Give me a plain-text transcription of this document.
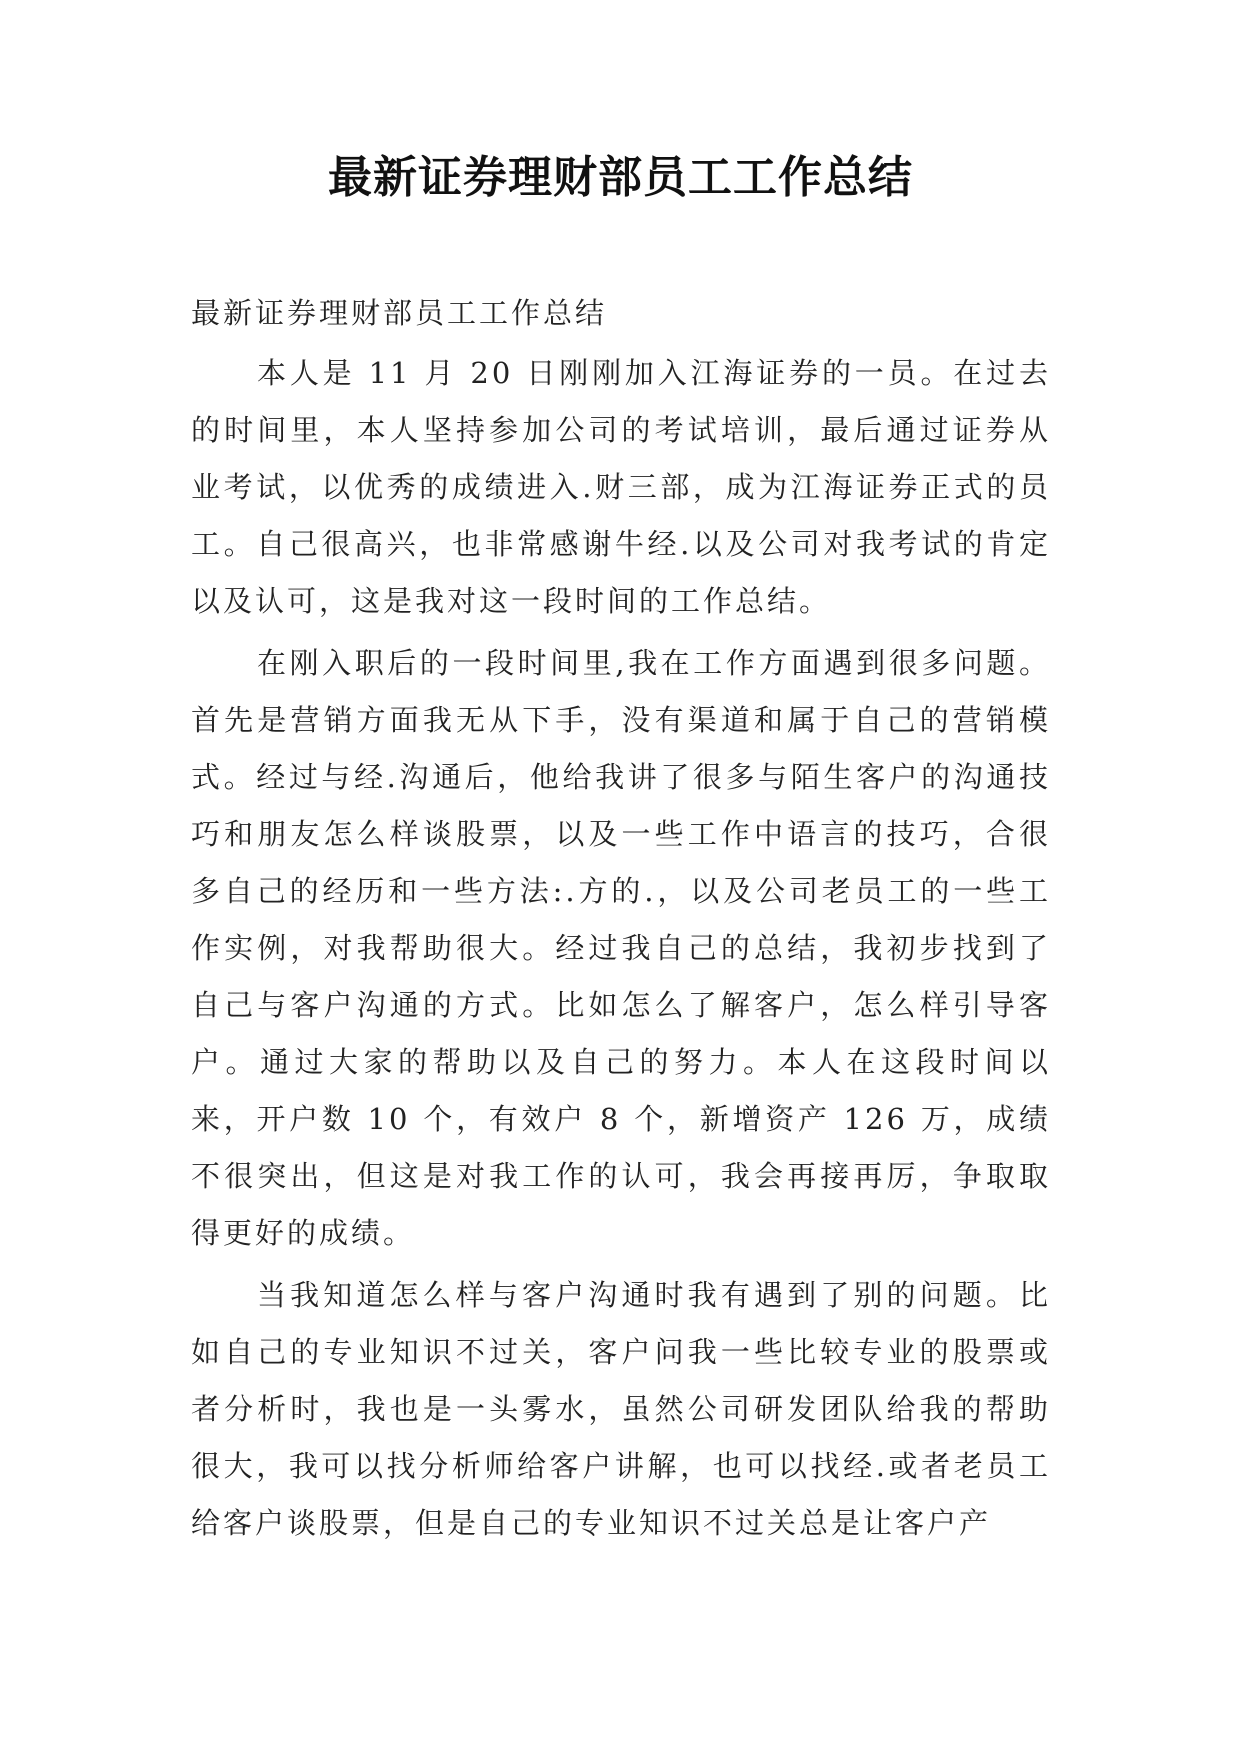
最新证券理财部员工工作总结

最新证券理财部员工工作总结

本人是 11 月 20 日刚刚加入江海证券的一员。在过去的时间里，本人坚持参加公司的考试培训，最后通过证券从业考试，以优秀的成绩进入.财三部，成为江海证券正式的员工。自己很高兴，也非常感谢牛经.以及公司对我考试的肯定以及认可，这是我对这一段时间的工作总结。

在刚入职后的一段时间里,我在工作方面遇到很多问题。首先是营销方面我无从下手，没有渠道和属于自己的营销模式。经过与经.沟通后，他给我讲了很多与陌生客户的沟通技巧和朋友怎么样谈股票，以及一些工作中语言的技巧，合很多自己的经历和一些方法:.方的.，以及公司老员工的一些工作实例，对我帮助很大。经过我自己的总结，我初步找到了自己与客户沟通的方式。比如怎么了解客户，怎么样引导客户。通过大家的帮助以及自己的努力。本人在这段时间以来，开户数 10 个，有效户 8 个，新增资产 126 万，成绩不很突出，但这是对我工作的认可，我会再接再厉，争取取得更好的成绩。

当我知道怎么样与客户沟通时我有遇到了别的问题。比如自己的专业知识不过关，客户问我一些比较专业的股票或者分析时，我也是一头雾水，虽然公司研发团队给我的帮助很大，我可以找分析师给客户讲解，也可以找经.或者老员工给客户谈股票，但是自己的专业知识不过关总是让客户产
